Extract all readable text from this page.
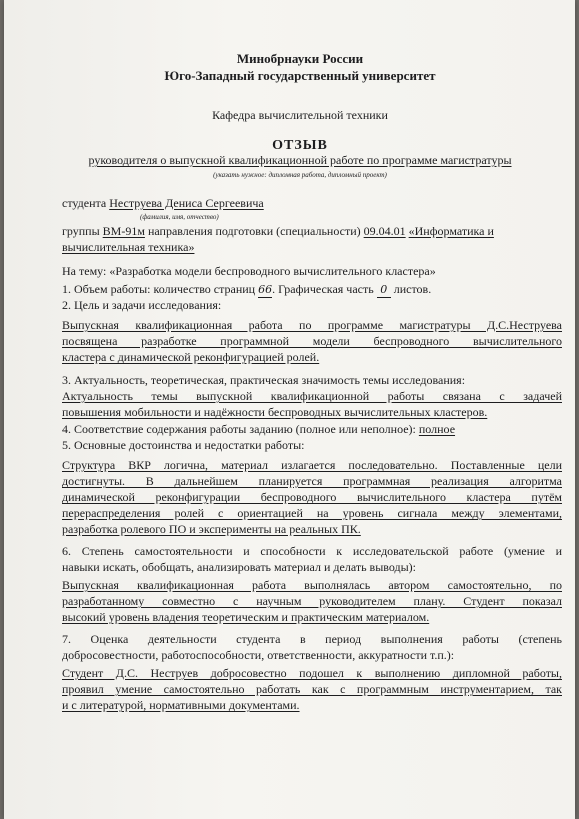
Минобрнауки России
Юго-Западный государственный университет
Кафедра вычислительной техники
ОТЗЫВ
руководителя о выпускной квалификационной работе по программе магистратуры
(указать нужное: дипломная работа, дипломный проект)
студента Неструева Дениса Сергеевича
(фамилия, имя, отчество)
группы ВМ-91м направления подготовки (специальности) 09.04.01 «Информатика и
вычислительная техника»
На тему: «Разработка модели беспроводного вычислительного кластера»
1. Объем работы: количество страниц 66. Графическая часть 0 листов.
2. Цель и задачи исследования:
Выпускная квалификационная работа по программе магистратуры Д.С.Неструева
посвящена разработке программной модели беспроводного вычислительного
кластера с динамической реконфигурацией ролей.
3. Актуальность, теоретическая, практическая значимость темы исследования:
Актуальность темы выпускной квалификационной работы связана с задачей
повышения мобильности и надёжности беспроводных вычислительных кластеров.
4. Соответствие содержания работы заданию (полное или неполное): полное
5. Основные достоинства и недостатки работы:
Структура ВКР логична, материал излагается последовательно. Поставленные цели
достигнуты. В дальнейшем планируется программная реализация алгоритма
динамической реконфигурации беспроводного вычислительного кластера путём
перераспределения ролей с ориентацией на уровень сигнала между элементами,
разработка ролевого ПО и эксперименты на реальных ПК.
6. Степень самостоятельности и способности к исследовательской работе (умение и
навыки искать, обобщать, анализировать материал и делать выводы):
Выпускная квалификационная работа выполнялась автором самостоятельно, по
разработанному совместно с научным руководителем плану. Студент показал
высокий уровень владения теоретическим и практическим материалом.
7. Оценка деятельности студента в период выполнения работы (степень
добросовестности, работоспособности, ответственности, аккуратности т.п.):
Студент Д.С. Неструев добросовестно подошел к выполнению дипломной работы,
проявил умение самостоятельно работать как с программным инструментарием, так
и с литературой, нормативными документами.
